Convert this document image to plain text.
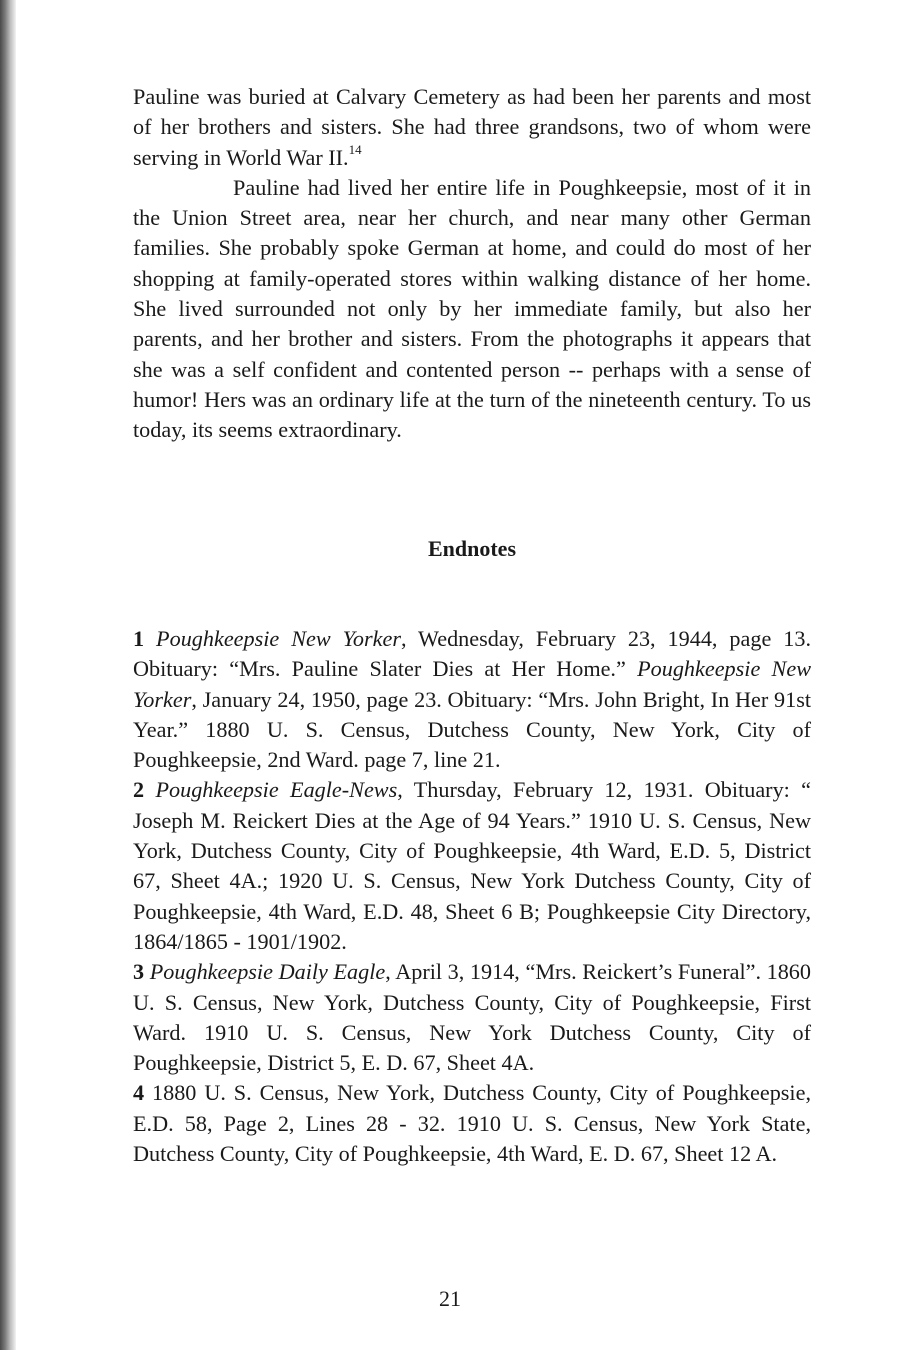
Pauline was buried at Calvary Cemetery as had been her parents and most of her brothers and sisters. She had three grandsons, two of whom were serving in World War II.$^{14}$

Pauline had lived her entire life in Poughkeepsie, most of it in the Union Street area, near her church, and near many other German families. She probably spoke German at home, and could do most of her shopping at family-operated stores within walking distance of her home. She lived surrounded not only by her immediate family, but also her parents, and her brother and sisters. From the photographs it appears that she was a self confident and contented person -- perhaps with a sense of humor! Hers was an ordinary life at the turn of the nineteenth century. To us today, its seems extraordinary.

Endnotes

1 Poughkeepsie New Yorker, Wednesday, February 23, 1944, page 13. Obituary: “Mrs. Pauline Slater Dies at Her Home.” Poughkeepsie New Yorker, January 24, 1950, page 23. Obituary: “Mrs. John Bright, In Her 91st Year.” 1880 U. S. Census, Dutchess County, New York, City of Poughkeepsie, 2nd Ward. page 7, line 21.

2 Poughkeepsie Eagle-News, Thursday, February 12, 1931. Obituary: “ Joseph M. Reickert Dies at the Age of 94 Years.” 1910 U. S. Census, New York, Dutchess County, City of Poughkeepsie, 4th Ward, E.D. 5, District 67, Sheet 4A.; 1920 U. S. Census, New York Dutchess County, City of Poughkeepsie, 4th Ward, E.D. 48, Sheet 6 B; Poughkeepsie City Directory, 1864/1865 - 1901/1902.

3 Poughkeepsie Daily Eagle, April 3, 1914, “Mrs. Reickert’s Funeral”. 1860 U. S. Census, New York, Dutchess County, City of Poughkeepsie, First Ward. 1910 U. S. Census, New York Dutchess County, City of Poughkeepsie, District 5, E. D. 67, Sheet 4A.

4 1880 U. S. Census, New York, Dutchess County, City of Poughkeepsie, E.D. 58, Page 2, Lines 28 - 32. 1910 U. S. Census, New York State, Dutchess County, City of Poughkeepsie, 4th Ward, E. D. 67, Sheet 12 A.

21
